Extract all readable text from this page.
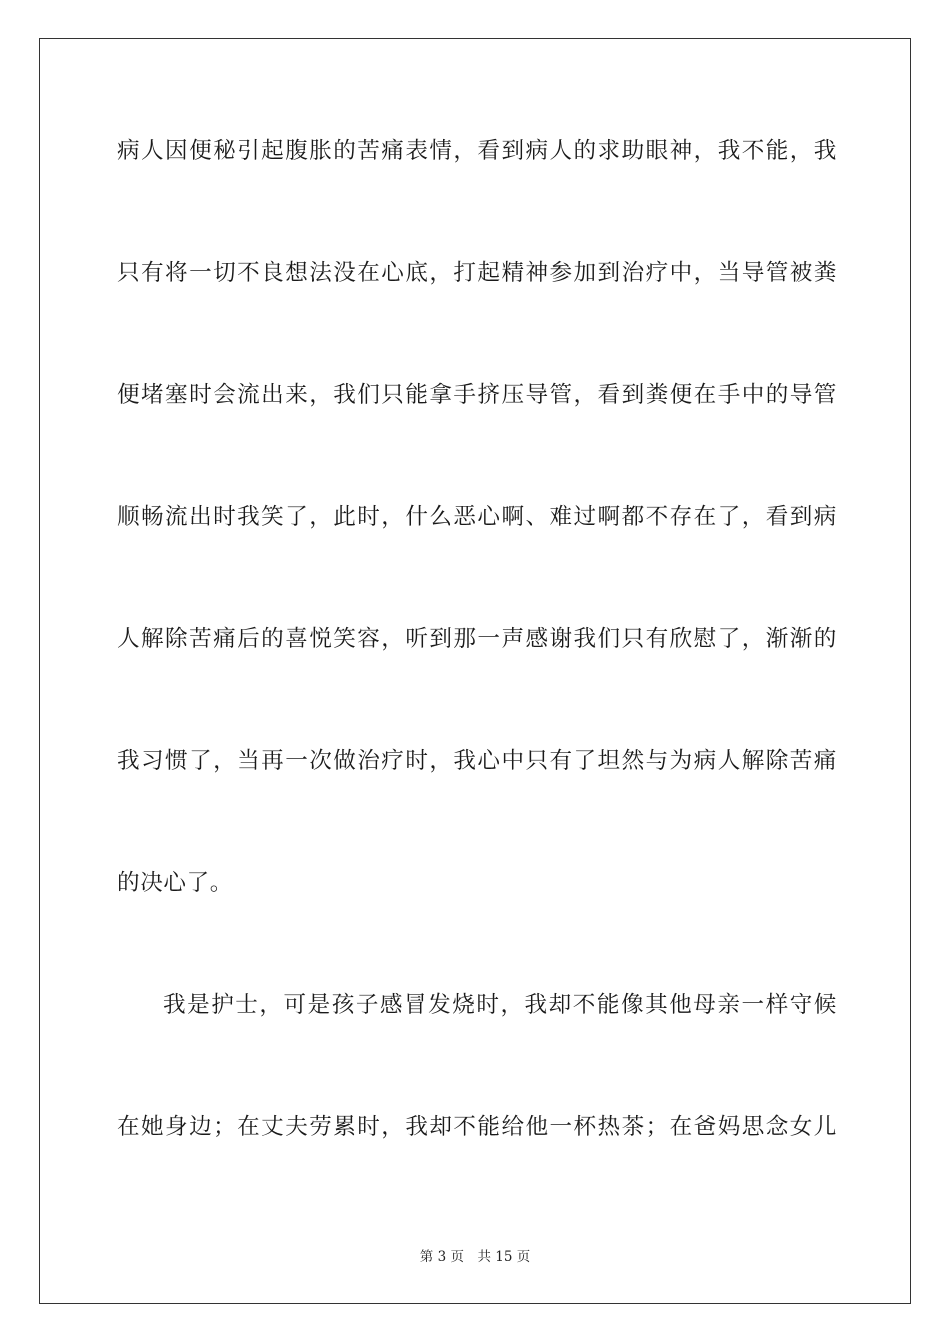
病人因便秘引起腹胀的苦痛表情，看到病人的求助眼神，我不能，我
只有将一切不良想法没在心底，打起精神参加到治疗中，当导管被粪
便堵塞时会流出来，我们只能拿手挤压导管，看到粪便在手中的导管
顺畅流出时我笑了，此时，什么恶心啊、难过啊都不存在了，看到病
人解除苦痛后的喜悦笑容，听到那一声感谢我们只有欣慰了，渐渐的
我习惯了，当再一次做治疗时，我心中只有了坦然与为病人解除苦痛
的决心了。
我是护士，可是孩子感冒发烧时，我却不能像其他母亲一样守候
在她身边；在丈夫劳累时，我却不能给他一杯热茶；在爸妈思念女儿
第 3 页　共 15 页
